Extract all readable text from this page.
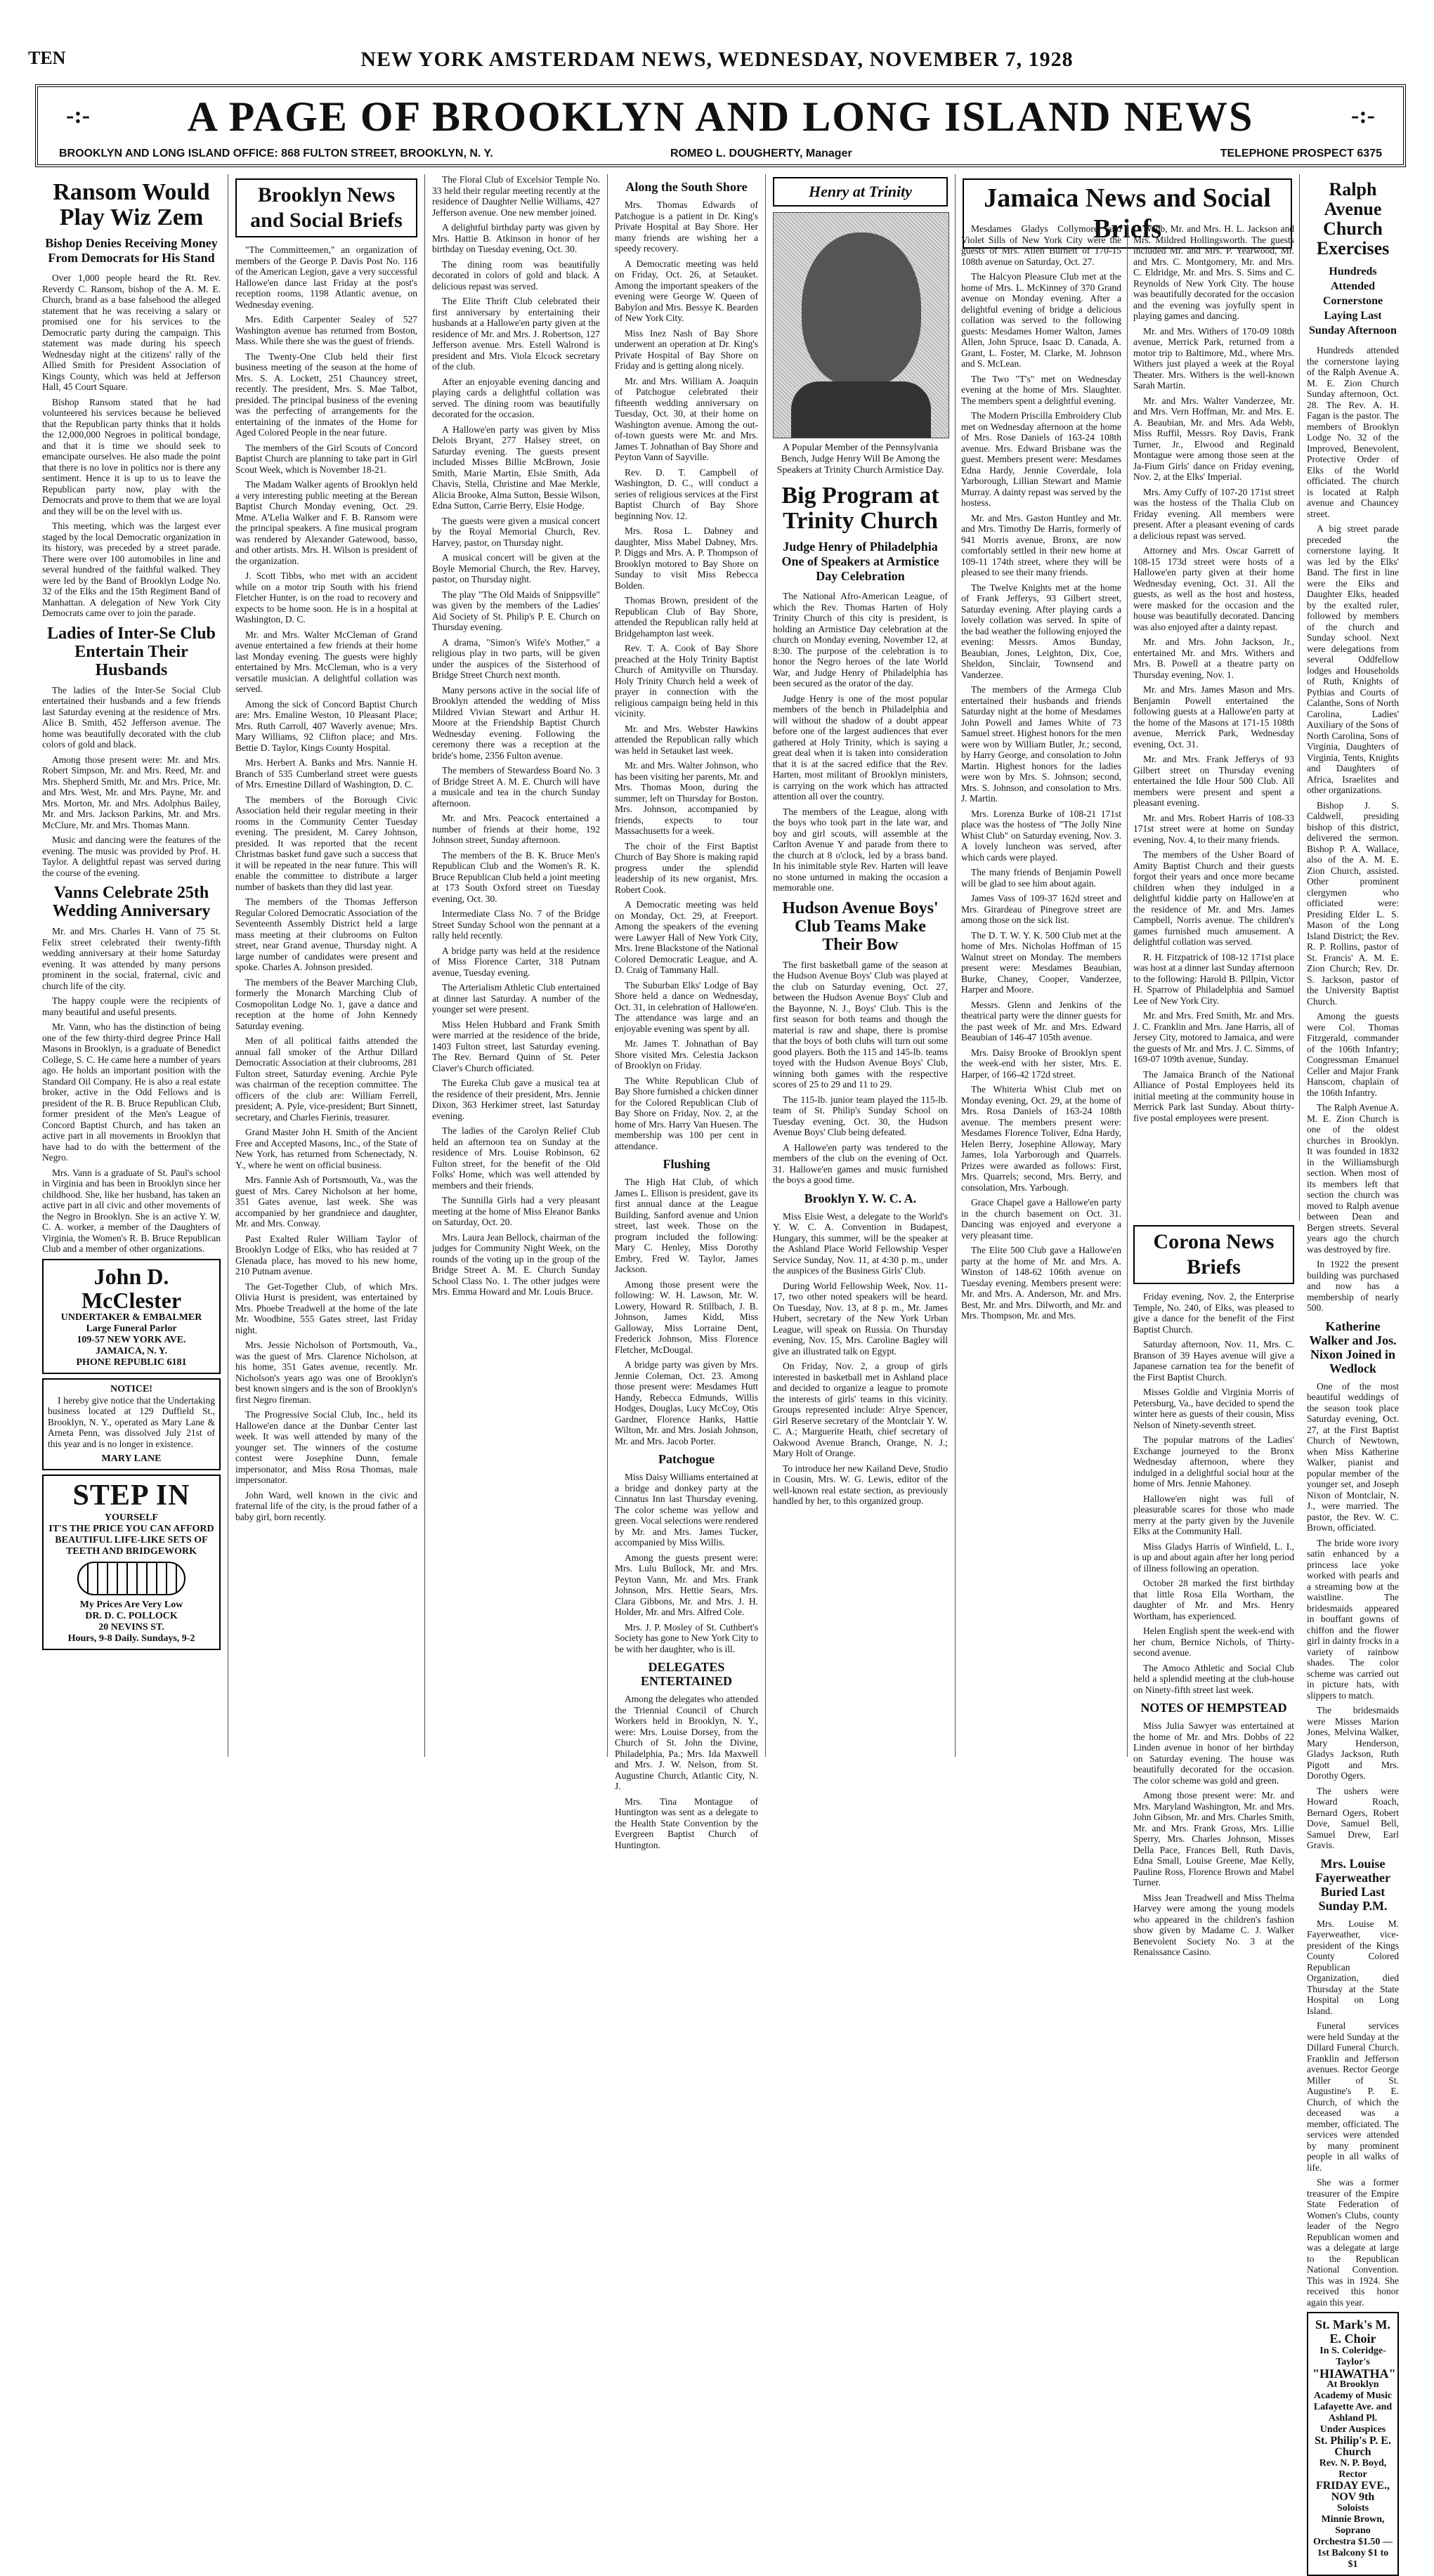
TEN	NEW YORK AMSTERDAM NEWS, WEDNESDAY, NOVEMBER 7, 1928
-:-	A PAGE OF BROOKLYN AND LONG ISLAND NEWS	-:-
BROOKLYN AND LONG ISLAND OFFICE: 868 FULTON STREET, BROOKLYN, N. Y.	ROMEO L. DOUGHERTY, Manager	TELEPHONE PROSPECT 6375
Ransom Would Play Wiz Zem
Bishop Denies Receiving Money From Democrats for His Stand

Over 1,000 people heard the Rt. Rev. Reverdy C. Ransom, bishop of the A. M. E. Church, brand as a base falsehood the alleged statement that he was receiving a salary or promised one for his services to the Democratic party during the campaign. This statement was made during his speech Wednesday night at the citizens' rally of the Allied Smith for President Association of Kings County, which was held at Jefferson Hall, 45 Court Square.

Bishop Ransom stated that he had volunteered his services because he believed that the Republican party thinks that it holds the 12,000,000 Negroes in political bondage, and that it is time we should seek to emancipate ourselves. He also made the point that there is no love in politics nor is there any sentiment. Hence it is up to us to leave the Republican party now, play with the Democrats and prove to them that we are loyal and they will be on the level with us.

This meeting, which was the largest ever staged by the local Democratic organization in its history, was preceded by a street parade. There were over 100 automobiles in line and several hundred of the faithful walked. They were led by the Band of Brooklyn Lodge No. 32 of the Elks and the 15th Regiment Band of Manhattan. A delegation of New York City Democrats came over to join the parade.

Ladies of Inter-Se Club Entertain Their Husbands

The ladies of the Inter-Se Social Club entertained their husbands and a few friends last Saturday evening at the residence of Mrs. Alice B. Smith, 452 Jefferson avenue. The home was beautifully decorated with the club colors of gold and black.

Among those present were: Mr. and Mrs. Robert Simpson, Mr. and Mrs. Reed, Mr. and Mrs. Shepherd Smith, Mr. and Mrs. Price, Mr. and Mrs. West, Mr. and Mrs. Payne, Mr. and Mrs. Morton, Mr. and Mrs. Adolphus Bailey, Mr. and Mrs. Jackson Parkins, Mr. and Mrs. McClure, Mr. and Mrs. Thomas Mann.

Music and dancing were the features of the evening. The music was provided by Prof. H. Taylor. A delightful repast was served during the course of the evening.

Vanns Celebrate 25th Wedding Anniversary

Mr. and Mrs. Charles H. Vann of 75 St. Felix street celebrated their twenty-fifth wedding anniversary at their home Saturday evening. It was attended by many persons prominent in the social, fraternal, civic and church life of the city.

The happy couple were the recipients of many beautiful and useful presents.

Mr. Vann, who has the distinction of being one of the few thirty-third degree Prince Hall Masons in Brooklyn, is a graduate of Benedict College, S. C. He came here a number of years ago. He holds an important position with the Standard Oil Company. He is also a real estate broker, active in the Odd Fellows and is president of the R. B. Bruce Republican Club, former president of the Men's League of Concord Baptist Church, and has taken an active part in all movements in Brooklyn that have had to do with the betterment of the Negro.

Mrs. Vann is a graduate of St. Paul's school in Virginia and has been in Brooklyn since her childhood. She, like her husband, has taken an active part in all civic and other movements of the Negro in Brooklyn. She is an active Y. W. C. A. worker, a member of the Daughters of Virginia, the Women's R. B. Bruce Republican Club and a member of other organizations.

John D. McClester
UNDERTAKER & EMBALMER
Large Funeral Parlor
109-57 NEW YORK AVE.
JAMAICA, N. Y.
PHONE REPUBLIC 6181
NOTICE!

I hereby give notice that the Undertaking business located at 129 Duffield St., Brooklyn, N. Y., operated as Mary Lane & Arneta Penn, was dissolved July 21st of this year and is no longer in existence.

MARY LANE
STEP IN YOURSELF
IT'S THE PRICE YOU CAN AFFORD
BEAUTIFUL LIFE-LIKE SETS OF TEETH AND BRIDGEWORK
My Prices Are Very Low
DR. D. C. POLLOCK
20 NEVINS ST.
Hours, 9-8 Daily. Sundays, 9-2
Brooklyn News and Social Briefs

"The Committeemen," an organization of members of the George P. Davis Post No. 116 of the American Legion, gave a very successful Hallowe'en dance last Friday at the post's reception rooms, 1198 Atlantic avenue, on Wednesday evening.

Mrs. Edith Carpenter Sealey of 527 Washington avenue has returned from Boston, Mass. While there she was the guest of friends.

The Twenty-One Club held their first business meeting of the season at the home of Mrs. S. A. Lockett, 251 Chauncey street, recently. The president, Mrs. S. Mae Talbot, presided. The principal business of the evening was the perfecting of arrangements for the entertaining of the inmates of the Home for Aged Colored People in the near future.

The members of the Girl Scouts of Concord Baptist Church are planning to take part in Girl Scout Week, which is November 18-21.

The Madam Walker agents of Brooklyn held a very interesting public meeting at the Berean Baptist Church Monday evening, Oct. 29. Mme. A'Lelia Walker and F. B. Ransom were the principal speakers. A fine musical program was rendered by Alexander Gatewood, basso, and other artists. Mrs. H. Wilson is president of the organization.

J. Scott Tibbs, who met with an accident while on a motor trip South with his friend Fletcher Hunter, is on the road to recovery and expects to be home soon. He is in a hospital at Washington, D. C.

Mr. and Mrs. Walter McCleman of Grand avenue entertained a few friends at their home last Monday evening. The guests were highly entertained by Mrs. McCleman, who is a very versatile musician. A delightful collation was served.

Among the sick of Concord Baptist Church are: Mrs. Emaline Weston, 10 Pleasant Place; Mrs. Ruth Carroll, 407 Waverly avenue; Mrs. Mary Williams, 92 Clifton place; and Mrs. Bettie D. Taylor, Kings County Hospital.

Mrs. Herbert A. Banks and Mrs. Nannie H. Branch of 535 Cumberland street were guests of Mrs. Ernestine Dillard of Washington, D. C.

The members of the Borough Civic Association held their regular meeting in their rooms in the Community Center Tuesday evening. The president, M. Carey Johnson, presided. It was reported that the recent Christmas basket fund gave such a success that it will be repeated in the near future. This will enable the committee to distribute a larger number of baskets than they did last year.

The members of the Thomas Jefferson Regular Colored Democratic Association of the Seventeenth Assembly District held a large mass meeting at their clubrooms on Fulton street, near Grand avenue, Thursday night. A large number of candidates were present and spoke. Charles A. Johnson presided.

The members of the Beaver Marching Club, formerly the Monarch Marching Club of Cosmopolitan Lodge No. 1, gave a dance and reception at the home of John Kennedy Saturday evening.

Men of all political faiths attended the annual fall smoker of the Arthur Dillard Democratic Association at their clubrooms, 281 Fulton street, Saturday evening. Archie Pyle was chairman of the reception committee. The officers of the club are: William Ferrell, president; A. Pyle, vice-president; Burt Sinnett, secretary, and Charles Fierinis, treasurer.

Grand Master John H. Smith of the Ancient Free and Accepted Masons, Inc., of the State of New York, has returned from Schenectady, N. Y., where he went on official business.

Mrs. Fannie Ash of Portsmouth, Va., was the guest of Mrs. Carey Nicholson at her home, 351 Gates avenue, last week. She was accompanied by her grandniece and daughter, Mr. and Mrs. Conway.

Past Exalted Ruler William Taylor of Brooklyn Lodge of Elks, who has resided at 7 Glenada place, has moved to his new home, 210 Putnam avenue.

The Get-Together Club, of which Mrs. Olivia Hurst is president, was entertained by Mrs. Phoebe Treadwell at the home of the late Mr. Woodbine, 555 Gates street, last Friday night.

Mrs. Jessie Nicholson of Portsmouth, Va., was the guest of Mrs. Clarence Nicholson, at his home, 351 Gates avenue, recently. Mr. Nicholson's years ago was one of Brooklyn's best known singers and is the son of Brooklyn's first Negro fireman.

The Progressive Social Club, Inc., held its Hallowe'en dance at the Dunbar Center last week. It was well attended by many of the younger set. The winners of the costume contest were Josephine Dunn, female impersonator, and Miss Rosa Thomas, male impersonator.

John Ward, well known in the civic and fraternal life of the city, is the proud father of a baby girl, born recently.

The Floral Club of Excelsior Temple No. 33 held their regular meeting recently at the residence of Daughter Nellie Williams, 427 Jefferson avenue. One new member joined.

A delightful birthday party was given by Mrs. Hattie B. Atkinson in honor of her birthday on Tuesday evening, Oct. 30.

The dining room was beautifully decorated in colors of gold and black. A delicious repast was served.

The Elite Thrift Club celebrated their first anniversary by entertaining their husbands at a Hallowe'en party given at the residence of Mr. and Mrs. J. Robertson, 127 Jefferson avenue. Mrs. Estell Walrond is president and Mrs. Viola Elcock secretary of the club.

After an enjoyable evening dancing and playing cards a delightful collation was served. The dining room was beautifully decorated for the occasion.

A Hallowe'en party was given by Miss Delois Bryant, 277 Halsey street, on Saturday evening. The guests present included Misses Billie McBrown, Josie Smith, Marie Martin, Elsie Smith, Ada Chavis, Stella, Christine and Mae Merkle, Alicia Brooke, Alma Sutton, Bessie Wilson, Edna Sutton, Carrie Berry, Elsie Hodge.

The guests were given a musical concert by the Royal Memorial Church, Rev. Harvey, pastor, on Thursday night.

A musical concert will be given at the Boyle Memorial Church, the Rev. Harvey, pastor, on Thursday night.

The play "The Old Maids of Snippsville" was given by the members of the Ladies' Aid Society of St. Philip's P. E. Church on Thursday evening.

A drama, "Simon's Wife's Mother," a religious play in two parts, will be given under the auspices of the Sisterhood of Bridge Street Church next month.

Many persons active in the social life of Brooklyn attended the wedding of Miss Mildred Vivian Stewart and Arthur H. Moore at the Friendship Baptist Church Wednesday evening. Following the ceremony there was a reception at the bride's home, 2356 Fulton avenue.

The members of Stewardess Board No. 3 of Bridge Street A. M. E. Church will have a musicale and tea in the church Sunday afternoon.

Mr. and Mrs. Peacock entertained a number of friends at their home, 192 Johnson street, Sunday afternoon.

The members of the B. K. Bruce Men's Republican Club and the Women's R. K. Bruce Republican Club held a joint meeting at 173 South Oxford street on Tuesday evening, Oct. 30.

Intermediate Class No. 7 of the Bridge Street Sunday School won the pennant at a rally held recently.

A bridge party was held at the residence of Miss Florence Carter, 318 Putnam avenue, Tuesday evening.

The Arterialism Athletic Club entertained at dinner last Saturday. A number of the younger set were present.

Miss Helen Hubbard and Frank Smith were married at the residence of the bride, 1403 Fulton street, last Saturday evening. The Rev. Bernard Quinn of St. Peter Claver's Church officiated.

The Eureka Club gave a musical tea at the residence of their president, Mrs. Jennie Dixon, 363 Herkimer street, last Saturday evening.

The ladies of the Carolyn Relief Club held an afternoon tea on Sunday at the residence of Mrs. Louise Robinson, 62 Fulton street, for the benefit of the Old Folks' Home, which was well attended by members and their friends.

The Sunnilla Girls had a very pleasant meeting at the home of Miss Eleanor Banks on Saturday, Oct. 20.

Mrs. Laura Jean Bellock, chairman of the judges for Community Night Week, on the rounds of the voting up in the group of the Bridge Street A. M. E. Church Sunday School Class No. 1. The other judges were Mrs. Emma Howard and Mr. Louis Bruce.

Along the South Shore

Mrs. Thomas Edwards of Patchogue is a patient in Dr. King's Private Hospital at Bay Shore. Her many friends are wishing her a speedy recovery.

A Democratic meeting was held on Friday, Oct. 26, at Setauket. Among the important speakers of the evening were George W. Queen of Babylon and Mrs. Bessye K. Bearden of New York City.

Miss Inez Nash of Bay Shore underwent an operation at Dr. King's Private Hospital of Bay Shore on Friday and is getting along nicely.

Mr. and Mrs. William A. Joaquin of Patchogue celebrated their fifteenth wedding anniversary on Tuesday, Oct. 30, at their home on Washington avenue. Among the out-of-town guests were Mr. and Mrs. James T. Johnathan of Bay Shore and Peyton Vann of Sayville.

Rev. D. T. Campbell of Washington, D. C., will conduct a series of religious services at the First Baptist Church of Bay Shore beginning Nov. 12.

Mrs. Rosa L. Dabney and daughter, Miss Mabel Dabney, Mrs. P. Diggs and Mrs. A. P. Thompson of Brooklyn motored to Bay Shore on Sunday to visit Miss Rebecca Bolden.

Thomas Brown, president of the Republican Club of Bay Shore, attended the Republican rally held at Bridgehampton last week.

Rev. T. A. Cook of Bay Shore preached at the Holy Trinity Baptist Church of Amityville on Thursday. Holy Trinity Church held a week of prayer in connection with the religious campaign being held in this vicinity.

Mr. and Mrs. Webster Hawkins attended the Republican rally which was held in Setauket last week.

Mr. and Mrs. Walter Johnson, who has been visiting her parents, Mr. and Mrs. Thomas Moon, during the summer, left on Thursday for Boston. Mrs. Johnson, accompanied by friends, expects to tour Massachusetts for a week.

The choir of the First Baptist Church of Bay Shore is making rapid progress under the splendid leadership of its new organist, Mrs. Robert Cook.

A Democratic meeting was held on Monday, Oct. 29, at Freeport. Among the speakers of the evening were Lawyer Hall of New York City, Mrs. Irene Blackstone of the National Colored Democratic League, and A. D. Craig of Tammany Hall.

The Suburban Elks' Lodge of Bay Shore held a dance on Wednesday, Oct. 31, in celebration of Hallowe'en. The attendance was large and an enjoyable evening was spent by all.

Mr. James T. Johnathan of Bay Shore visited Mrs. Celestia Jackson of Brooklyn on Friday.

The White Republican Club of Bay Shore furnished a chicken dinner for the Colored Republican Club of Bay Shore on Friday, Nov. 2, at the home of Mrs. Harry Van Huesen. The membership was 100 per cent in attendance.

Flushing

The High Hat Club, of which James L. Ellison is president, gave its first annual dance at the League Building, Sanford avenue and Union street, last week. Those on the program included the following: Mary C. Henley, Miss Dorothy Embry, Fred W. Taylor, James Jackson.

Among those present were the following: W. H. Lawson, Mr. W. Lowery, Howard R. Stillbach, J. B. Johnson, James Kidd, Miss Galloway, Miss Lorraine Dent, Frederick Johnson, Miss Florence Fletcher, McDougal.

A bridge party was given by Mrs. Jennie Coleman, Oct. 23. Among those present were: Mesdames Hutt Handy, Rebecca Edmunds, Willis Hodges, Douglas, Lucy McCoy, Otis Gardner, Florence Hanks, Hattie Wilton, Mr. and Mrs. Josiah Johnson, Mr. and Mrs. Jacob Porter.

Patchogue

Miss Daisy Williams entertained at a bridge and donkey party at the Cinnatus Inn last Thursday evening. The color scheme was yellow and green. Vocal selections were rendered by Mr. and Mrs. James Tucker, accompanied by Miss Willis.

Among the guests present were: Mrs. Lulu Bullock, Mr. and Mrs. Peyton Vann, Mr. and Mrs. Frank Johnson, Mrs. Hettie Sears, Mrs. Clara Gibbons, Mr. and Mrs. J. H. Holder, Mr. and Mrs. Alfred Cole.

Mrs. J. P. Mosley of St. Cuthbert's Society has gone to New York City to be with her daughter, who is ill.

DELEGATES ENTERTAINED

Among the delegates who attended the Triennial Council of Church Workers held in Brooklyn, N. Y., were: Mrs. Louise Dorsey, from the Church of St. John the Divine, Philadelphia, Pa.; Mrs. Ida Maxwell and Mrs. J. W. Nelson, from St. Augustine Church, Atlantic City, N. J.

Mrs. Tina Montague of Huntington was sent as a delegate to the Health State Convention by the Evergreen Baptist Church of Huntington.

Henry at Trinity
A Popular Member of the Pennsylvania Bench, Judge Henry Will Be Among the Speakers at Trinity Church Armistice Day.
Big Program at Trinity Church
Judge Henry of Philadelphia One of Speakers at Armistice Day Celebration

The National Afro-American League, of which the Rev. Thomas Harten of Holy Trinity Church of this city is president, is holding an Armistice Day celebration at the church on Monday evening, November 12, at 8:30. The purpose of the celebration is to honor the Negro heroes of the late World War, and Judge Henry of Philadelphia has been secured as the orator of the day.

Judge Henry is one of the most popular members of the bench in Philadelphia and will without the shadow of a doubt appear before one of the largest audiences that ever gathered at Holy Trinity, which is saying a great deal when it is taken into consideration that it is at the sacred edifice that the Rev. Harten, most militant of Brooklyn ministers, is carrying on the work which has attracted attention all over the country.

The members of the League, along with the boys who took part in the late war, and boy and girl scouts, will assemble at the Carlton Avenue Y and parade from there to the church at 8 o'clock, led by a brass band. In his inimitable style Rev. Harten will leave no stone unturned in making the occasion a memorable one.

Hudson Avenue Boys' Club Teams Make Their Bow

The first basketball game of the season at the Hudson Avenue Boys' Club was played at the club on Saturday evening, Oct. 27, between the Hudson Avenue Boys' Club and the Bayonne, N. J., Boys' Club. This is the first season for both teams and though the material is raw and shape, there is promise that the boys of both clubs will turn out some good players. Both the 115 and 145-lb. teams toyed with the Hudson Avenue Boys' Club, winning both games with the respective scores of 25 to 29 and 11 to 29.

The 115-lb. junior team played the 115-lb. team of St. Philip's Sunday School on Tuesday evening, Oct. 30, the Hudson Avenue Boys' Club being defeated.

A Hallowe'en party was tendered to the members of the club on the evening of Oct. 31. Hallowe'en games and music furnished the boys a good time.

Brooklyn Y. W. C. A.

Miss Elsie West, a delegate to the World's Y. W. C. A. Convention in Budapest, Hungary, this summer, will be the speaker at the Ashland Place World Fellowship Vesper Service Sunday, Nov. 11, at 4:30 p. m., under the auspices of the Business Girls' Club.

During World Fellowship Week, Nov. 11-17, two other noted speakers will be heard. On Tuesday, Nov. 13, at 8 p. m., Mr. James Hubert, secretary of the New York Urban League, will speak on Russia. On Thursday evening, Nov. 15, Mrs. Caroline Bagley will give an illustrated talk on Egypt.

On Friday, Nov. 2, a group of girls interested in basketball met in Ashland place and decided to organize a league to promote the interests of girls' teams in this vicinity. Groups represented include: Alrye Spencer, Girl Reserve secretary of the Montclair Y. W. C. A.; Marguerite Heath, chief secretary of Oakwood Avenue Branch, Orange, N. J.; Mary Holt of Orange.

To introduce her new Kailand Deve, Studio in Cousin, Mrs. W. G. Lewis, editor of the well-known real estate section, as previously handled by her, to this organized group.

Jamaica News and Social Briefs

Mesdames Gladys Collymore and Violet Sills of New York City were the guests of Mrs. Allen Burnett of 170-15 108th avenue on Saturday, Oct. 27.

The Halcyon Pleasure Club met at the home of Mrs. L. McKinney of 370 Grand avenue on Monday evening. After a delightful evening of bridge a delicious collation was served to the following guests: Mesdames Homer Walton, James Allen, John Spruce, Isaac D. Canada, A. Grant, L. Foster, M. Clarke, M. Johnson and S. McLean.

The Two "T's" met on Wednesday evening at the home of Mrs. Slaughter. The members spent a delightful evening.

The Modern Priscilla Embroidery Club met on Wednesday afternoon at the home of Mrs. Rose Daniels of 163-24 108th avenue. Mrs. Edward Brisbane was the guest. Members present were: Mesdames Edna Hardy, Jennie Coverdale, Iola Yarborough, Lillian Stewart and Mamie Murray. A dainty repast was served by the hostess.

Mr. and Mrs. Gaston Huntley and Mr. and Mrs. Timothy De Harris, formerly of 941 Morris avenue, Bronx, are now comfortably settled in their new home at 109-11 174th street, where they will be pleased to see their many friends.

The Twelve Knights met at the home of Frank Jefferys, 93 Gilbert street, Saturday evening. After playing cards a lovely collation was served. In spite of the bad weather the following enjoyed the evening: Messrs. Amos Bunday, Beaubian, Jones, Leighton, Dix, Coe, Sheldon, Sinclair, Townsend and Vanderzee.

The members of the Armega Club entertained their husbands and friends Saturday night at the home of Mesdames John Powell and James White of 73 Samuel street. Highest honors for the men were won by William Butler, Jr.; second, by Harry George, and consolation to John Martin. Highest honors for the ladies were won by Mrs. S. Johnson; second, Mrs. S. Johnson, and consolation to Mrs. J. Martin.

Mrs. Lorenza Burke of 108-21 171st place was the hostess of "The Jolly Nine Whist Club" on Saturday evening, Nov. 3. A lovely luncheon was served, after which cards were played.

The many friends of Benjamin Powell will be glad to see him about again.

James Vass of 109-37 162d street and Mrs. Girardeau of Pinegrove street are among those on the sick list.

The D. T. W. Y. K. 500 Club met at the home of Mrs. Nicholas Hoffman of 15 Walnut street on Monday. The members present were: Mesdames Beaubian, Burke, Chaney, Cooper, Vanderzee, Harper and Moore.

Messrs. Glenn and Jenkins of the theatrical party were the dinner guests for the past week of Mr. and Mrs. Edward Beaubian of 146-47 105th avenue.

Mrs. Daisy Brooke of Brooklyn spent the week-end with her sister, Mrs. E. Harper, of 166-42 172d street.

The Whiteria Whist Club met on Monday evening, Oct. 29, at the home of Mrs. Rosa Daniels of 163-24 108th avenue. The members present were: Mesdames Florence Toliver, Edna Hardy, Helen Berry, Josephine Alloway, Mary James, Iola Yarborough and Quarrels. Prizes were awarded as follows: First, Mrs. Quarrels; second, Mrs. Berry, and consolation, Mrs. Yarbough.

Grace Chapel gave a Hallowe'en party in the church basement on Oct. 31. Dancing was enjoyed and everyone a very pleasant time.

The Elite 500 Club gave a Hallowe'en party at the home of Mr. and Mrs. A. Winston of 148-62 106th avenue on Tuesday evening. Members present were: Mr. and Mrs. A. Anderson, Mr. and Mrs. Best, Mr. and Mrs. Dilworth, and Mr. and Mrs. Thompson, Mr. and Mrs.

Webb, Mr. and Mrs. H. L. Jackson and Mrs. Mildred Hollingsworth. The guests included Mr. and Mrs. P. Yearwood, Mr. and Mrs. C. Montgomery, Mr. and Mrs. C. Eldridge, Mr. and Mrs. S. Sims and C. Reynolds of New York City. The house was beautifully decorated for the occasion and the evening was joyfully spent in playing games and dancing.

Mr. and Mrs. Withers of 170-09 108th avenue, Merrick Park, returned from a motor trip to Baltimore, Md., where Mrs. Withers just played a week at the Royal Theater. Mrs. Withers is the well-known Sarah Martin.

Mr. and Mrs. Walter Vanderzee, Mr. and Mrs. Vern Hoffman, Mr. and Mrs. E. A. Beaubian, Mr. and Mrs. Ada Webb, Miss Ruffil, Messrs. Roy Davis, Frank Turner, Jr., Elwood and Reginald Montague were among those seen at the Ja-Fium Girls' dance on Friday evening, Nov. 2, at the Elks' Imperial.

Mrs. Amy Cuffy of 107-20 171st street was the hostess of the Thalia Club on Friday evening. All members were present. After a pleasant evening of cards a delicious repast was served.

Attorney and Mrs. Oscar Garrett of 108-15 173d street were hosts of a Hallowe'en party given at their home Wednesday evening, Oct. 31. All the guests, as well as the host and hostess, were masked for the occasion and the house was beautifully decorated. Dancing was also enjoyed after a dainty repast.

Mr. and Mrs. John Jackson, Jr., entertained Mr. and Mrs. Withers and Mrs. B. Powell at a theatre party on Thursday evening, Nov. 1.

Mr. and Mrs. James Mason and Mrs. Benjamin Powell entertained the following guests at a Hallowe'en party at the home of the Masons at 171-15 108th avenue, Merrick Park, Wednesday evening, Oct. 31.

Mr. and Mrs. Frank Jefferys of 93 Gilbert street on Thursday evening entertained the Idle Hour 500 Club. All members were present and spent a pleasant evening.

Mr. and Mrs. Robert Harris of 108-33 171st street were at home on Sunday evening, Nov. 4, to their many friends.

The members of the Usher Board of Amity Baptist Church and their guests forgot their years and once more became children when they indulged in a delightful kiddie party on Hallowe'en at the residence of Mr. and Mrs. James Campbell, Norris avenue. The children's games furnished much amusement. A delightful collation was served.

R. H. Fitzpatrick of 108-12 171st place was host at a dinner last Sunday afternoon to the following: Harold B. Pillpin, Victor H. Sparrow of Philadelphia and Samuel Lee of New York City.

Mr. and Mrs. Fred Smith, Mr. and Mrs. J. C. Franklin and Mrs. Jane Harris, all of Jersey City, motored to Jamaica, and were the guests of Mr. and Mrs. J. C. Simms, of 169-07 109th avenue, Sunday.

The Jamaica Branch of the National Alliance of Postal Employees held its initial meeting at the community house in Merrick Park last Sunday. About thirty-five postal employees were present.

Corona News Briefs

Friday evening, Nov. 2, the Enterprise Temple, No. 240, of Elks, was pleased to give a dance for the benefit of the First Baptist Church.

Saturday afternoon, Nov. 11, Mrs. C. Branson of 39 Hayes avenue will give a Japanese carnation tea for the benefit of the First Baptist Church.

Misses Goldie and Virginia Morris of Petersburg, Va., have decided to spend the winter here as guests of their cousin, Miss Nelson of Ninety-seventh street.

The popular matrons of the Ladies' Exchange journeyed to the Bronx Wednesday afternoon, where they indulged in a delightful social hour at the home of Mrs. Jennie Mahoney.

Hallowe'en night was full of pleasurable scares for those who made merry at the party given by the Juvenile Elks at the Community Hall.

Miss Gladys Harris of Winfield, L. I., is up and about again after her long period of illness following an operation.

October 28 marked the first birthday that little Rosa Ella Wortham, the daughter of Mr. and Mrs. Henry Wortham, has experienced.

Helen English spent the week-end with her chum, Bernice Nichols, of Thirty-second avenue.

The Amoco Athletic and Social Club held a splendid meeting at the club-house on Ninety-fifth street last week.

NOTES OF HEMPSTEAD

Miss Julia Sawyer was entertained at the home of Mr. and Mrs. Dobbs of 22 Linden avenue in honor of her birthday on Saturday evening. The house was beautifully decorated for the occasion. The color scheme was gold and green.

Among those present were: Mr. and Mrs. Maryland Washington, Mr. and Mrs. John Gibson, Mr. and Mrs. Charles Smith, Mr. and Mrs. Frank Gross, Mrs. Lillie Sperry, Mrs. Charles Johnson, Misses Della Pace, Frances Bell, Ruth Davis, Edna Small, Louise Greene, Mae Kelly, Pauline Ross, Florence Brown and Mabel Turner.

Miss Jean Treadwell and Miss Thelma Harvey were among the young models who appeared in the children's fashion show given by Madame C. J. Walker Benevolent Society No. 3 at the Renaissance Casino.

Ralph Avenue Church Exercises
Hundreds Attended Cornerstone Laying Last Sunday Afternoon

Hundreds attended the cornerstone laying of the Ralph Avenue A. M. E. Zion Church Sunday afternoon, Oct. 28. The Rev. A. H. Fagan is the pastor. The members of Brooklyn Lodge No. 32 of the Improved, Benevolent, Protective Order of Elks of the World officiated. The church is located at Ralph avenue and Chauncey street.

A big street parade preceded the cornerstone laying. It was led by the Elks' Band. The first in line were the Elks and Daughter Elks, headed by the exalted ruler, followed by members of the church and Sunday school. Next were delegations from several Oddfellow lodges and Households of Ruth, Knights of Pythias and Courts of Calanthe, Sons of North Carolina, Ladies' Auxiliary of the Sons of North Carolina, Sons of Virginia, Daughters of Virginia, Tents, Knights and Daughters of Africa, Israelites and other organizations.

Bishop J. S. Caldwell, presiding bishop of this district, delivered the sermon. Bishop P. A. Wallace, also of the A. M. E. Zion Church, assisted. Other prominent clergymen who officiated were: Presiding Elder L. S. Mason of the Long Island District; the Rev. R. P. Rollins, pastor of St. Francis' A. M. E. Zion Church; Rev. Dr. S. Jackson, pastor of the University Baptist Church.

Among the guests were Col. Thomas Fitzgerald, commander of the 106th Infantry; Congressman Emanuel Celler and Major Frank Hanscom, chaplain of the 106th Infantry.

The Ralph Avenue A. M. E. Zion Church is one of the oldest churches in Brooklyn. It was founded in 1832 in the Williamsburgh section. When most of its members left that section the church was moved to Ralph avenue between Dean and Bergen streets. Several years ago the church was destroyed by fire.

In 1922 the present building was purchased and now has a membership of nearly 500.

Katherine Walker and Jos. Nixon Joined in Wedlock

One of the most beautiful weddings of the season took place Saturday evening, Oct. 27, at the First Baptist Church of Newtown, when Miss Katherine Walker, pianist and popular member of the younger set, and Joseph Nixon of Montclair, N. J., were married. The pastor, the Rev. W. C. Brown, officiated.

The bride wore ivory satin enhanced by a princess lace yoke worked with pearls and a streaming bow at the waistline. The bridesmaids appeared in bouffant gowns of chiffon and the flower girl in dainty frocks in a variety of rainbow shades. The color scheme was carried out in picture hats, with slippers to match.

The bridesmaids were Misses Marion Jones, Melvina Walker, Mary Henderson, Gladys Jackson, Ruth Pigott and Mrs. Dorothy Ogers.

The ushers were Howard Roach, Bernard Ogers, Robert Dove, Samuel Bell, Samuel Drew, Earl Gravis.

Mrs. Louise Fayerweather Buried Last Sunday P.M.

Mrs. Louise M. Fayerweather, vice-president of the Kings County Colored Republican Organization, died Thursday at the State Hospital on Long Island.

Funeral services were held Sunday at the Dillard Funeral Church. Franklin and Jefferson avenues. Rector George Miller of St. Augustine's P. E. Church, of which the deceased was a member, officiated. The services were attended by many prominent people in all walks of life.

She was a former treasurer of the Empire State Federation of Women's Clubs, county leader of the Negro Republican women and was a delegate at large to the Republican National Convention. This was in 1924. She received this honor again this year.

St. Mark's M. E. Choir
In S. Coleridge-Taylor's
"HIAWATHA"
At Brooklyn Academy of Music
Lafayette Ave. and Ashland Pl.
Under Auspices
St. Philip's P. E. Church
Rev. N. P. Boyd, Rector
FRIDAY EVE., NOV 9th
Soloists
Minnie Brown, Soprano
Orchestra $1.50 — 1st Balcony $1 to $1
